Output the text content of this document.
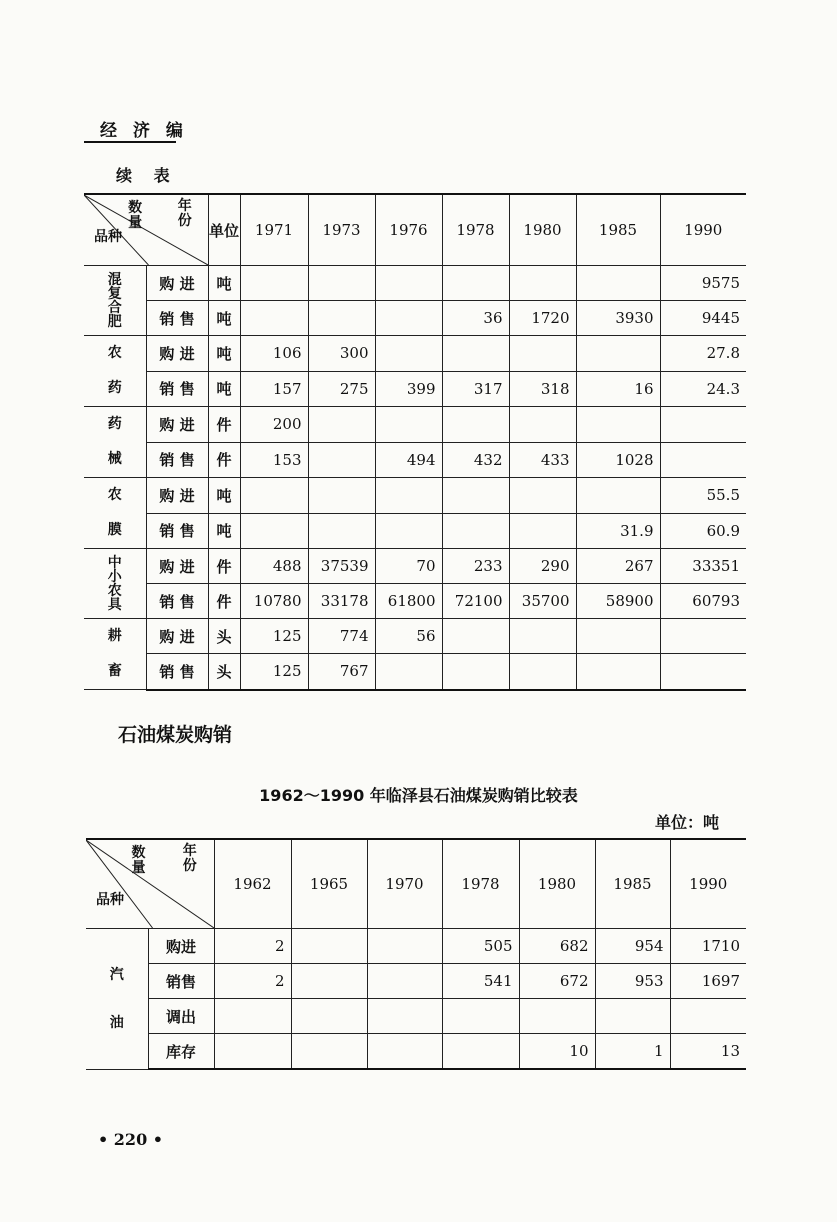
经 济 编
续 表
数量
年份
品种		单位	1971	1973	1976	1978	1980	1985	1990
混复合肥	购 进	吨							9575
	销 售	吨				36	1720	3930	9445
农药	购 进	吨	106	300					27.8
	销 售	吨	157	275	399	317	318	16	24.3
药械	购 进	件	200						
	销 售	件	153		494	432	433	1028	
农膜	购 进	吨							55.5
	销 售	吨						31.9	60.9
中小农具	购 进	件	488	37539	70	233	290	267	33351
	销 售	件	10780	33178	61800	72100	35700	58900	60793
耕畜	购 进	头	125	774	56				
	销 售	头	125	767					
石油煤炭购销
1962～1990 年临泽县石油煤炭购销比较表
单位：吨
数量
年份
品种		1962	1965	1970	1978	1980	1985	1990
汽油	购进	2			505	682	954	1710
	销售	2			541	672	953	1697
	调出							
	库存					10	1	13
• 220 •
